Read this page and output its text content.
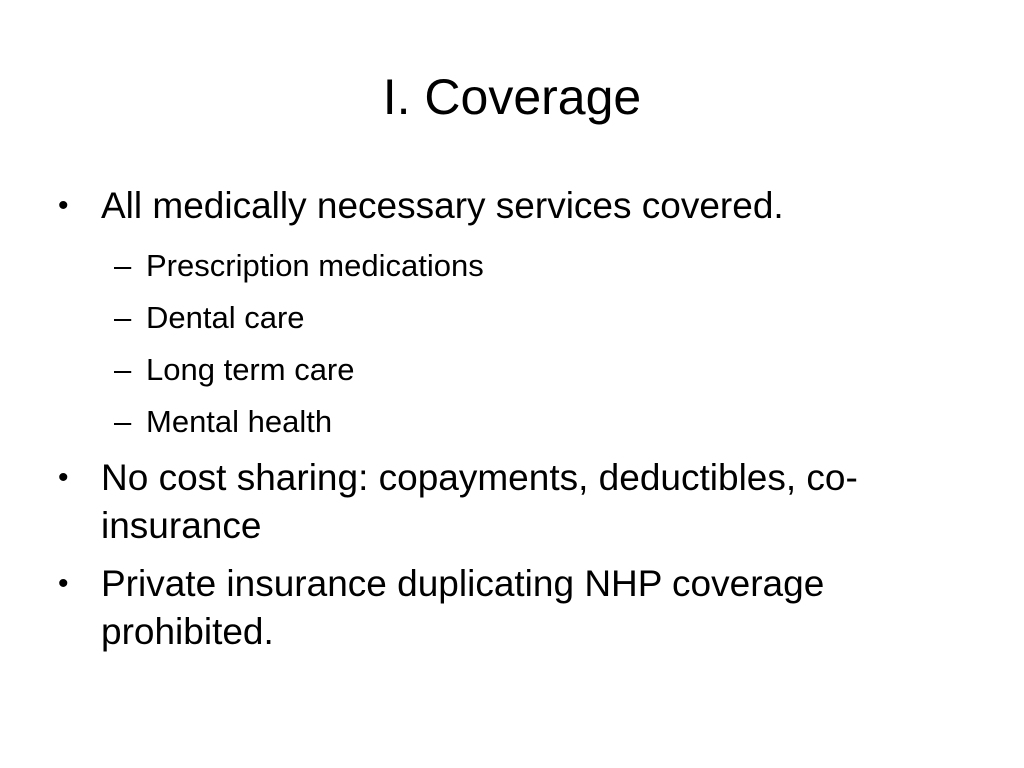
I. Coverage
• All medically necessary services covered.
– Prescription medications
– Dental care
– Long term care
– Mental health
• No cost sharing: copayments, deductibles, co-insurance
• Private insurance duplicating NHP coverage prohibited.
